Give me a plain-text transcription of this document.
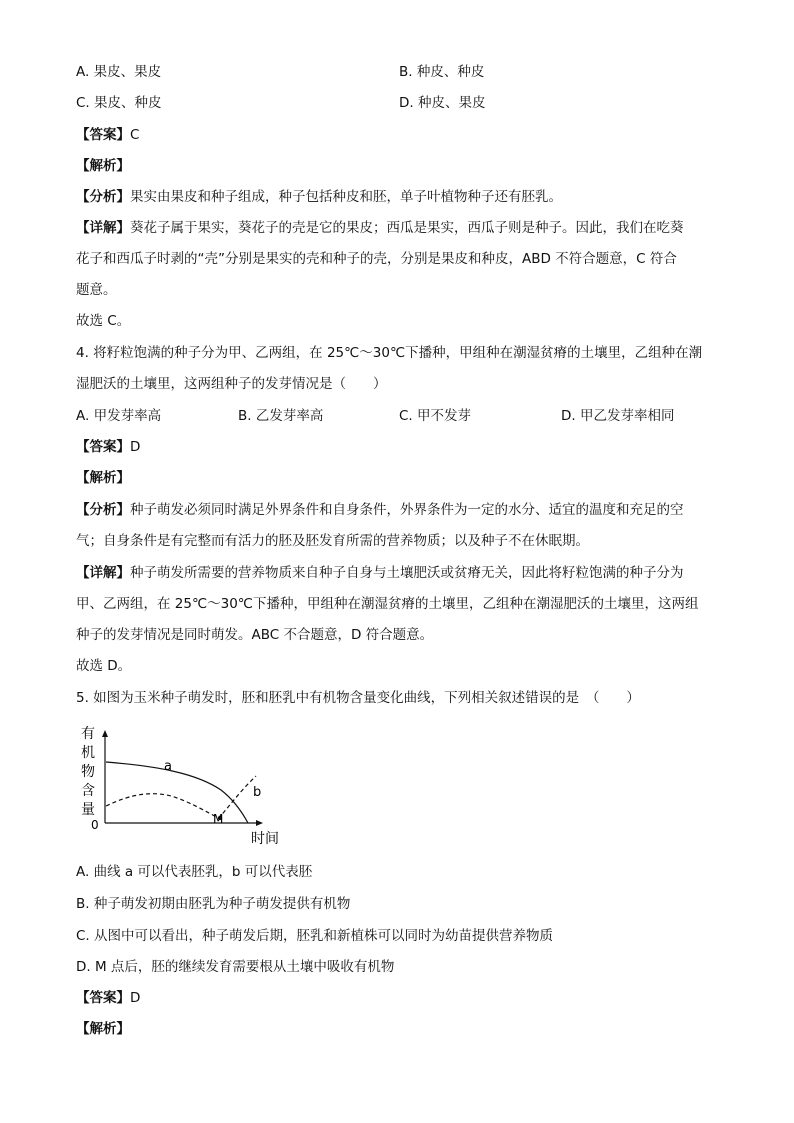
A. 果皮、果皮	B. 种皮、种皮
C. 果皮、种皮	D. 种皮、果皮
【答案】C
【解析】
【分析】果实由果皮和种子组成，种子包括种皮和胚，单子叶植物种子还有胚乳。
【详解】葵花子属于果实，葵花子的壳是它的果皮；西瓜是果实，西瓜子则是种子。因此，我们在吃葵
花子和西瓜子时剥的“壳”分别是果实的壳和种子的壳，分别是果皮和种皮，ABD 不符合题意，C 符合
题意。
故选 C。
4. 将籽粒饱满的种子分为甲、乙两组，在 25℃～30℃下播种，甲组种在潮湿贫瘠的土壤里，乙组种在潮
湿肥沃的土壤里，这两组种子的发芽情况是（　　）
A. 甲发芽率高	B. 乙发芽率高	C. 甲不发芽	D. 甲乙发芽率相同
【答案】D
【解析】
【分析】种子萌发必须同时满足外界条件和自身条件，外界条件为一定的水分、适宜的温度和充足的空
气；自身条件是有完整而有活力的胚及胚发育所需的营养物质；以及种子不在休眠期。
【详解】种子萌发所需要的营养物质来自种子自身与土壤肥沃或贫瘠无关，因此将籽粒饱满的种子分为
甲、乙两组，在 25℃～30℃下播种，甲组种在潮湿贫瘠的土壤里，乙组种在潮湿肥沃的土壤里，这两组
种子的发芽情况是同时萌发。ABC 不合题意，D 符合题意。
故选 D。
5. 如图为玉米种子萌发时，胚和胚乳中有机物含量变化曲线，下列相关叙述错误的是　（　　）
有
机
物
含
量
0
时间
a
b
M
A. 曲线 a 可以代表胚乳，b 可以代表胚
B. 种子萌发初期由胚乳为种子萌发提供有机物
C. 从图中可以看出，种子萌发后期，胚乳和新植株可以同时为幼苗提供营养物质
D. M 点后，胚的继续发育需要根从土壤中吸收有机物
【答案】D
【解析】
